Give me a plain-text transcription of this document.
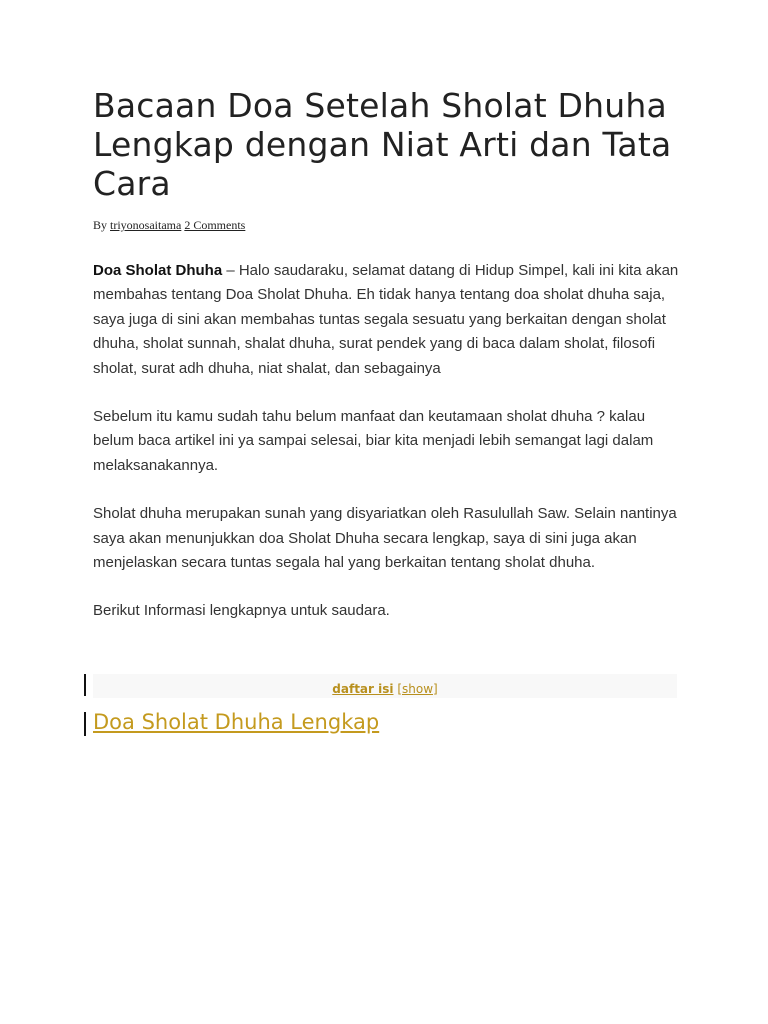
Bacaan Doa Setelah Sholat Dhuha Lengkap dengan Niat Arti dan Tata Cara
By triyonosaitama 2 Comments

Doa Sholat Dhuha – Halo saudaraku, selamat datang di Hidup Simpel, kali ini kita akan membahas tentang Doa Sholat Dhuha. Eh tidak hanya tentang doa sholat dhuha saja, saya juga di sini akan membahas tuntas segala sesuatu yang berkaitan dengan sholat dhuha, sholat sunnah, shalat dhuha, surat pendek yang di baca dalam sholat, filosofi sholat, surat adh dhuha, niat shalat, dan sebagainya

Sebelum itu kamu sudah tahu belum manfaat dan keutamaan sholat dhuha ? kalau belum baca artikel ini ya sampai selesai, biar kita menjadi lebih semangat lagi dalam melaksanakannya.

Sholat dhuha merupakan sunah yang disyariatkan oleh Rasulullah Saw. Selain nantinya saya akan menunjukkan doa Sholat Dhuha secara lengkap, saya di sini juga akan menjelaskan secara tuntas segala hal yang berkaitan tentang sholat dhuha.

Berikut Informasi lengkapnya untuk saudara.

daftar isi [show]
Doa Sholat Dhuha Lengkap
